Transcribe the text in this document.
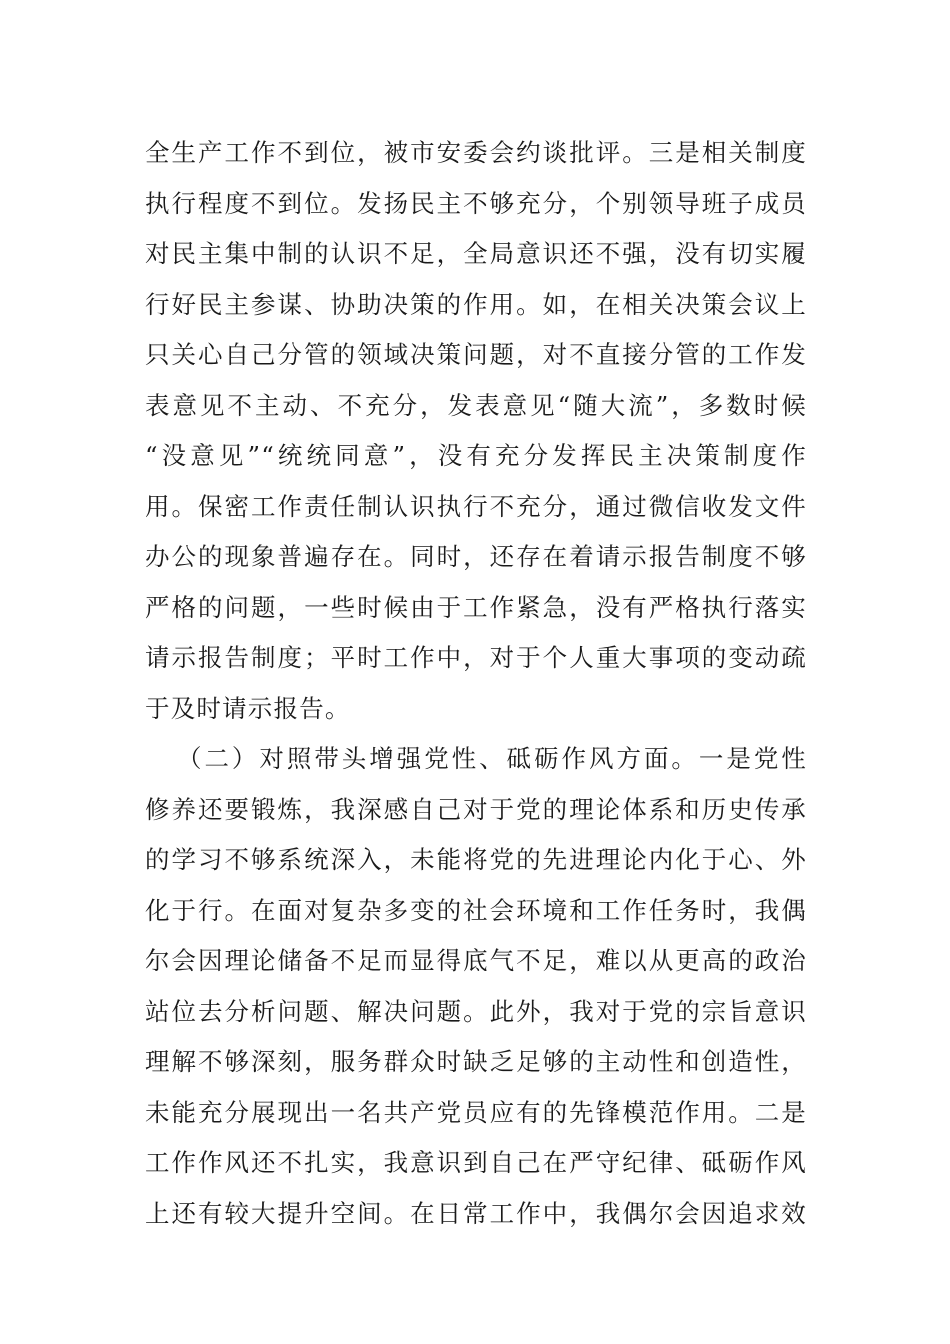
全生产工作不到位，被市安委会约谈批评。三是相关制度
执行程度不到位。发扬民主不够充分，个别领导班子成员
对民主集中制的认识不足，全局意识还不强，没有切实履
行好民主参谋、协助决策的作用。如，在相关决策会议上
只关心自己分管的领域决策问题，对不直接分管的工作发
表意见不主动、不充分，发表意见“随大流”，多数时候
“没意见”“统统同意”，没有充分发挥民主决策制度作
用。保密工作责任制认识执行不充分，通过微信收发文件
办公的现象普遍存在。同时，还存在着请示报告制度不够
严格的问题，一些时候由于工作紧急，没有严格执行落实
请示报告制度；平时工作中，对于个人重大事项的变动疏
于及时请示报告。
（二）对照带头增强党性、砥砺作风方面。一是党性
修养还要锻炼，我深感自己对于党的理论体系和历史传承
的学习不够系统深入，未能将党的先进理论内化于心、外
化于行。在面对复杂多变的社会环境和工作任务时，我偶
尔会因理论储备不足而显得底气不足，难以从更高的政治
站位去分析问题、解决问题。此外，我对于党的宗旨意识
理解不够深刻，服务群众时缺乏足够的主动性和创造性，
未能充分展现出一名共产党员应有的先锋模范作用。二是
工作作风还不扎实，我意识到自己在严守纪律、砥砺作风
上还有较大提升空间。在日常工作中，我偶尔会因追求效
